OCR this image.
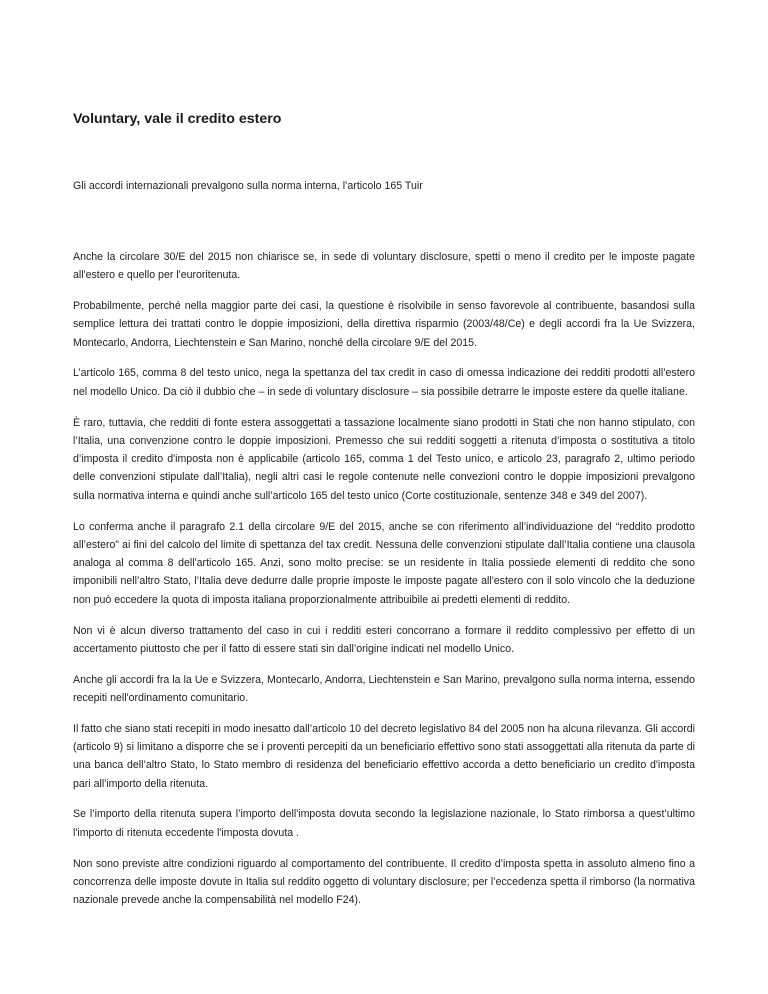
Voluntary, vale il credito estero

Gli accordi internazionali prevalgono sulla norma interna, l’articolo 165 Tuir

Anche la circolare 30/E del 2015 non chiarisce se, in sede di voluntary disclosure, spetti o meno il credito per le imposte pagate all'estero e quello per l'euroritenuta.

Probabilmente, perché nella maggior parte dei casi, la questione è risolvibile in senso favorevole al contribuente, basandosi sulla semplice lettura dei trattati contro le doppie imposizioni, della direttiva risparmio (2003/48/Ce) e degli accordi fra la Ue Svizzera, Montecarlo, Andorra, Liechtenstein e San Marino, nonché della circolare 9/E del 2015.

L’articolo 165, comma 8 del testo unico, nega la spettanza del tax credit in caso di omessa indicazione dei redditi prodotti all’estero nel modello Unico. Da ciò il dubbio che – in sede di voluntary disclosure – sia possibile detrarre le imposte estere da quelle italiane.

È raro, tuttavia, che redditi di fonte estera assoggettati a tassazione localmente siano prodotti in Stati che non hanno stipulato, con l’Italia, una convenzione contro le doppie imposizioni. Premesso che sui redditi soggetti a ritenuta d’imposta o sostitutiva a titolo d’imposta il credito d'imposta non è applicabile (articolo 165, comma 1 del Testo unico, e articolo 23, paragrafo 2, ultimo periodo delle convenzioni stipulate dall’Italia), negli altri casi le regole contenute nelle convezioni contro le doppie imposizioni prevalgono sulla normativa interna e quindi anche sull’articolo 165 del testo unico (Corte costituzionale, sentenze 348 e 349 del 2007).

Lo conferma anche il paragrafo 2.1 della circolare 9/E del 2015, anche se con riferimento all’individuazione del “reddito prodotto all’estero” ai fini del calcolo del limite di spettanza del tax credit. Nessuna delle convenzioni stipulate dall’Italia contiene una clausola analoga al comma 8 dell'articolo 165. Anzi, sono molto precise: se un residente in Italia possiede elementi di reddito che sono imponibili nell’altro Stato, l’Italia deve dedurre dalle proprie imposte le imposte pagate all'estero con il solo vincolo che la deduzione non può eccedere la quota di imposta italiana proporzionalmente attribuibile ai predetti elementi di reddito.

Non vi è alcun diverso trattamento del caso in cui i redditi esteri concorrano a formare il reddito complessivo per effetto di un accertamento piuttosto che per il fatto di essere stati sin dall’origine indicati nel modello Unico.

Anche gli accordi fra la la Ue e Svizzera, Montecarlo, Andorra, Liechtenstein e San Marino, prevalgono sulla norma interna, essendo recepiti nell'ordinamento comunitario.

Il fatto che siano stati recepiti in modo inesatto dall’articolo 10 del decreto legislativo 84 del 2005 non ha alcuna rilevanza. Gli accordi (articolo 9) si limitano a disporre che se i proventi percepiti da un beneficiario effettivo sono stati assoggettati alla ritenuta da parte di una banca dell’altro Stato, lo Stato membro di residenza del beneficiario effettivo accorda a detto beneficiario un credito d'imposta pari all'importo della ritenuta.

Se l’importo della ritenuta supera l’importo dell'imposta dovuta secondo la legislazione nazionale, lo Stato rimborsa a quest’ultimo l'importo di ritenuta eccedente l'imposta dovuta .

Non sono previste altre condizioni riguardo al comportamento del contribuente. Il credito d’imposta spetta in assoluto almeno fino a concorrenza delle imposte dovute in Italia sul reddito oggetto di voluntary disclosure; per l’eccedenza spetta il rimborso (la normativa nazionale prevede anche la compensabilità nel modello F24).
